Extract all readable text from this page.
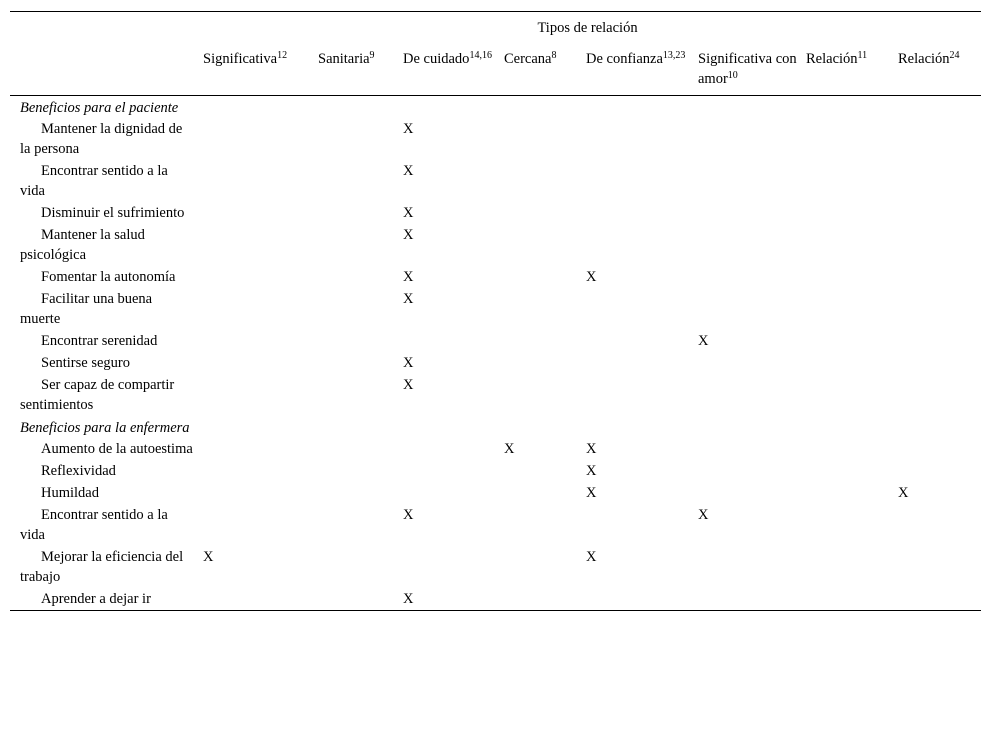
	Tipos de relación							
	Significativa$^{12}$	Sanitaria$^9$	De cuidado$^{14,16}$	Cercana$^8$	De confianza$^{13,23}$	Significativa con amor$^{10}$	Relación$^{11}$	Relación$^{24}$
Beneficios para el paciente								
Mantener la dignidad de la persona			X					
Encontrar sentido a la vida			X					
Disminuir el sufrimiento			X					
Mantener la salud psicológica			X					
Fomentar la autonomía			X		X			
Facilitar una buena muerte			X					
Encontrar serenidad						X		
Sentirse seguro			X					
Ser capaz de compartir sentimientos			X					
Beneficios para la enfermera								
Aumento de la autoestima				X	X			
Reflexividad					X			
Humildad					X			X
Encontrar sentido a la vida			X			X		
Mejorar la eficiencia del trabajo	X				X			
Aprender a dejar ir			X					
